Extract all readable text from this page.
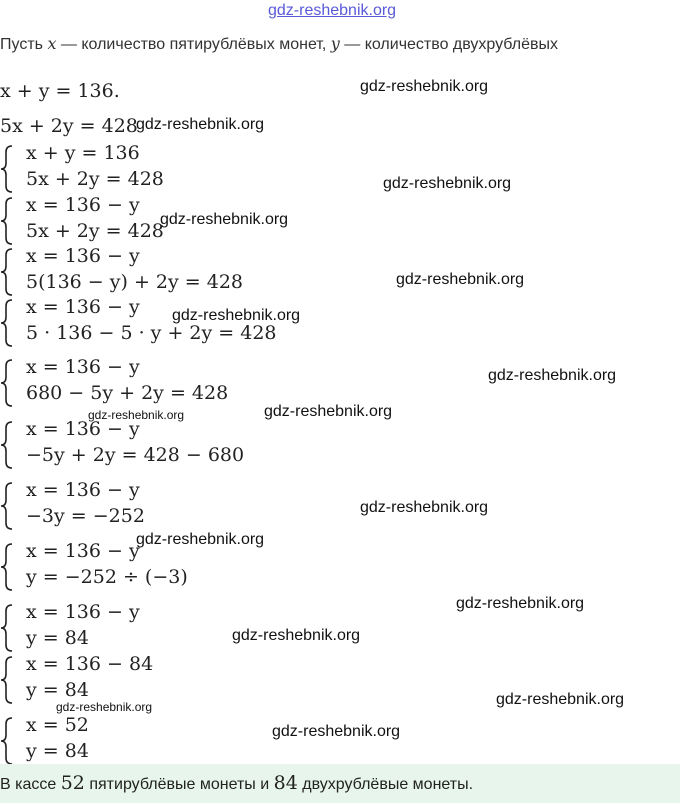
gdz-reshebnik.org
gdz-reshebnik.org
gdz-reshebnik.org
gdz-reshebnik.org
gdz-reshebnik.org
gdz-reshebnik.org
gdz-reshebnik.org
gdz-reshebnik.org
gdz-reshebnik.org	gdz-reshebnik.org
gdz-reshebnik.org
gdz-reshebnik.org
gdz-reshebnik.org
gdz-reshebnik.org
gdz-reshebnik.org
gdz-reshebnik.org
gdz-reshebnik.org
Пусть x — количество пятирублёвых монет, y — количество двухрублёвых
x + y = 136.
5x + 2y = 428
x + y = 136
5x + 2y = 428
x = 136 − y
5x + 2y = 428
x = 136 − y
5(136 − y) + 2y = 428
x = 136 − y
5 · 136 − 5 · y + 2y = 428
x = 136 − y
680 − 5y + 2y = 428
x = 136 − y
−5y + 2y = 428 − 680
x = 136 − y
−3y = −252
x = 136 − y
y = −252 ÷ (−3)
x = 136 − y
y = 84
x = 136 − 84
y = 84
x = 52
y = 84
В кассе 52 пятирублёвые монеты и 84 двухрублёвые монеты.
